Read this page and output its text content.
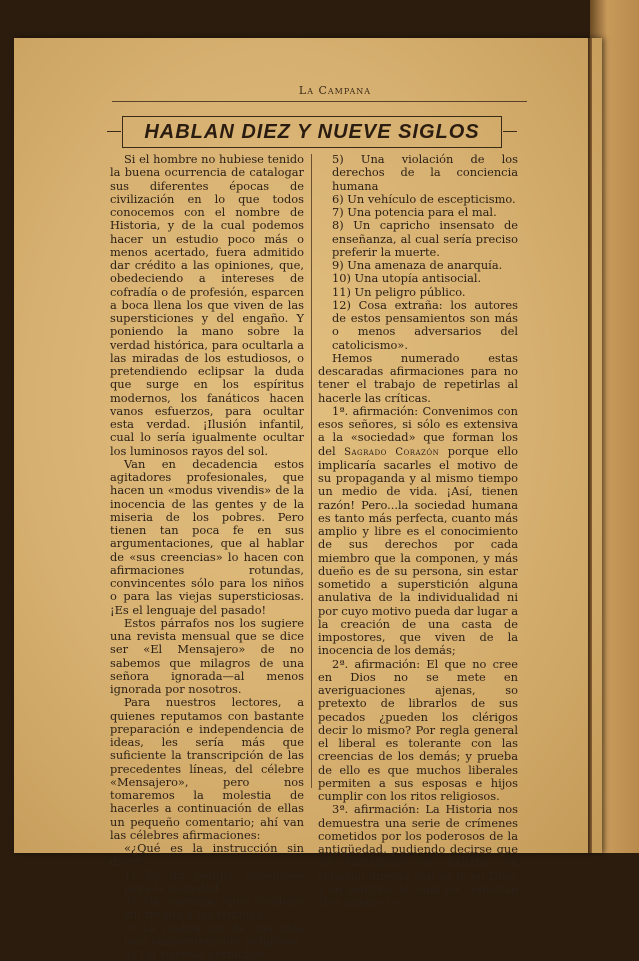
La Campana
HABLAN DIEZ Y NUEVE SIGLOS

Si el hombre no hubiese tenido la buena ocurrencia de catalogar sus diferentes épocas de civilización en lo que todos conocemos con el nombre de Historia, y de la cual podemos hacer un estudio poco más o menos acertado, fuera admitido dar crédito a las opiniones, que, obedeciendo a intereses de cofradía o de profesión, esparcen a boca llena los que viven de las supersticiones y del engaño. Y poniendo la mano sobre la verdad histórica, para ocultarla a las miradas de los estudiosos, o pretendiendo eclipsar la duda que surge en los espíritus modernos, los fanáticos hacen vanos esfuerzos, para ocultar esta verdad. ¡Ilusión infantil, cual lo sería igualmente ocultar los luminosos rayos del sol.

Van en decadencia estos agitadores profesionales, que hacen un «modus vivendis» de la inocencia de las gentes y de la miseria de los pobres. Pero tienen tan poca fe en sus argumentaciones, que al hablar de «sus creencias» lo hacen con afirmaciones rotundas, convincentes sólo para los niños o para las viejas supersticiosas. ¡Es el lenguaje del pasado!

Estos párrafos nos los sugiere una revista mensual que se dice ser «El Mensajero» de no sabemos que milagros de una señora ignorada—al menos ignorada por nosotros.

Para nuestros lectores, a quienes reputamos con bastante preparación e independencia de ideas, les sería más que suficiente la transcripción de las precedentes líneas, del célebre «Mensajero», pero nos tomaremos la molestia de hacerles a continuación de ellas un pequeño comentario; ahí van las célebres afirmaciones:

«¿Qué es la instrucción sin dios?

1) Es un peligro espantoso para la sociedad.

2) Un enemigo que combate sin tregua a las familias.

3) La realización de una idea loca eminentemente peligrosa.

4) Un sistema pernicioso.

5) Una violación de los derechos de la conciencia humana

6) Un vehículo de escepticismo.

7) Una potencia para el mal.

8) Un capricho insensato de enseñanza, al cual sería preciso preferir la muerte.

9) Una amenaza de anarquía.

10) Una utopía antisocial.

11) Un peligro público.

12) Cosa extraña: los autores de estos pensamientos son más o menos adversarios del catolicismo».

Hemos numerado estas descaradas afirmaciones para no tener el trabajo de repetirlas al hacerle las críticas.

1ª. afirmación: Convenimos con esos señores, si sólo es extensiva a la «sociedad» que forman los del Sagrado Corazón porque ello implicaría sacarles el motivo de su propaganda y al mismo tiempo un medio de vida. ¡Así, tienen razón! Pero...la sociedad humana es tanto más perfecta, cuanto más amplio y libre es el conocimiento de sus derechos por cada miembro que la componen, y más dueño es de su persona, sin estar sometido a superstición alguna anulativa de la individualidad ni por cuyo motivo pueda dar lugar a la creación de una casta de impostores, que viven de la inocencia de los demás;

2ª. afirmación: El que no cree en Dios no se mete en averiguaciones ajenas, so pretexto de librarlos de sus pecados ¿pueden los clérigos decir lo mismo? Por regla general el liberal es tolerante con las creencias de los demás; y prueba de ello es que muchos liberales permiten a sus esposas e hijos cumplir con los ritos religiosos.

3ª. afirmación: La Historia nos demuestra una serie de crímenes cometidos por los poderosos de la antigüedad, pudiendo decirse que su salvajismo se hallaba en relación directa con su fe en Dios, y en nombre del cual los cometían Hoy mismo re-
